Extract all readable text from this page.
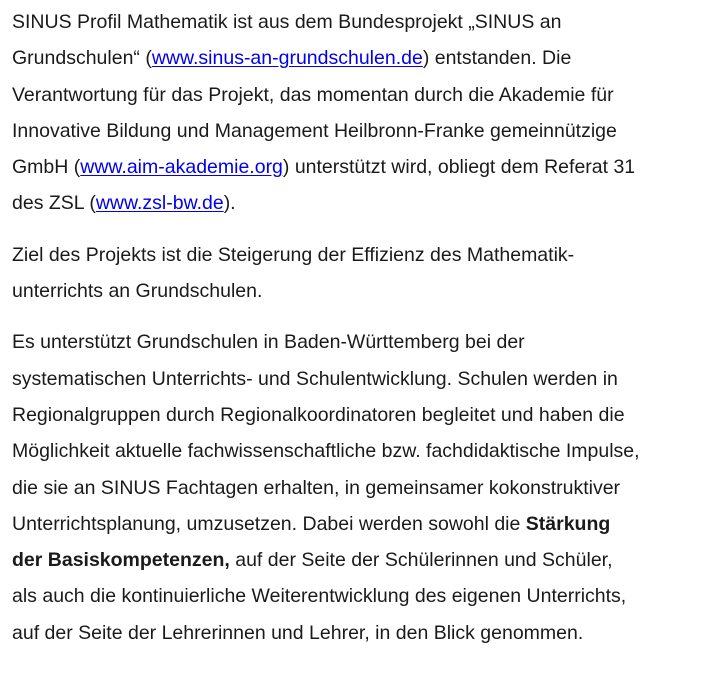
SINUS Profil Mathematik ist aus dem Bundesprojekt „SINUS an

Grundschulen“ (www.sinus-an-grundschulen.de) entstanden. Die

Verantwortung für das Projekt, das momentan durch die Akademie für

Innovative Bildung und Management Heilbronn-Franke gemeinnützige

GmbH (www.aim-akademie.org) unterstützt wird, obliegt dem Referat 31

des ZSL (www.zsl-bw.de).

Ziel des Projekts ist die Steigerung der Effizienz des Mathematik-

unterrichts an Grundschulen.

Es unterstützt Grundschulen in Baden-Württemberg bei der

systematischen Unterrichts- und Schulentwicklung. Schulen werden in

Regionalgruppen durch Regionalkoordinatoren begleitet und haben die

Möglichkeit aktuelle fachwissenschaftliche bzw. fachdidaktische Impulse,

die sie an SINUS Fachtagen erhalten, in gemeinsamer kokonstruktiver

Unterrichtsplanung, umzusetzen. Dabei werden sowohl die Stärkung

der Basiskompetenzen, auf der Seite der Schülerinnen und Schüler,

als auch die kontinuierliche Weiterentwicklung des eigenen Unterrichts,

auf der Seite der Lehrerinnen und Lehrer, in den Blick genommen.
